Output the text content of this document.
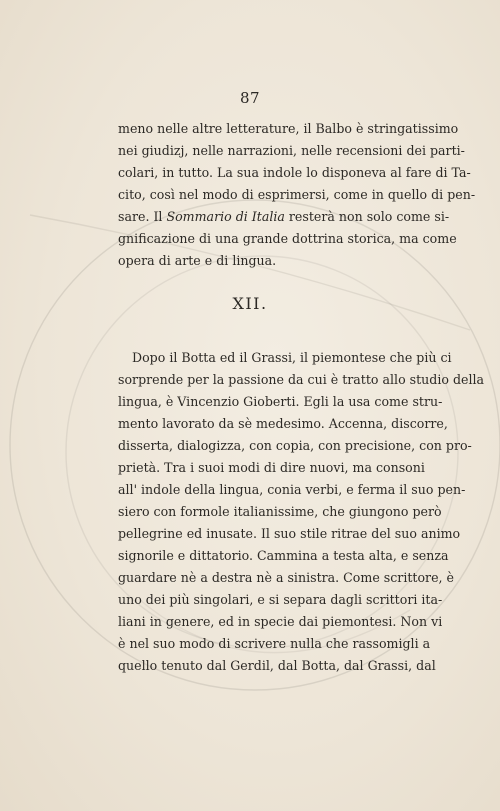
87
meno nelle altre letterature, il Balbo è stringatissimo
nei giudizj, nelle narrazioni, nelle recensioni dei parti-
colari, in tutto. La sua indole lo disponeva al fare di Ta-
cito, così nel modo di esprimersi, come in quello di pen-
sare. Il Sommario di Italia resterà non solo come si-
gnificazione di una grande dottrina storica, ma come
opera di arte e di lingua.
XII.
Dopo il Botta ed il Grassi, il piemontese che più ci
sorprende per la passione da cui è tratto allo studio della
lingua, è Vincenzio Gioberti. Egli la usa come stru-
mento lavorato da sè medesimo. Accenna, discorre,
disserta, dialogizza, con copia, con precisione, con pro-
prietà. Tra i suoi modi di dire nuovi, ma consoni
all' indole della lingua, conia verbi, e ferma il suo pen-
siero con formole italianissime, che giungono però
pellegrine ed inusate. Il suo stile ritrae del suo animo
signorile e dittatorio. Cammina a testa alta, e senza
guardare nè a destra nè a sinistra. Come scrittore, è
uno dei più singolari, e si separa dagli scrittori ita-
liani in genere, ed in specie dai piemontesi. Non vi
è nel suo modo di scrivere nulla che rassomigli a
quello tenuto dal Gerdil, dal Botta, dal Grassi, dal
